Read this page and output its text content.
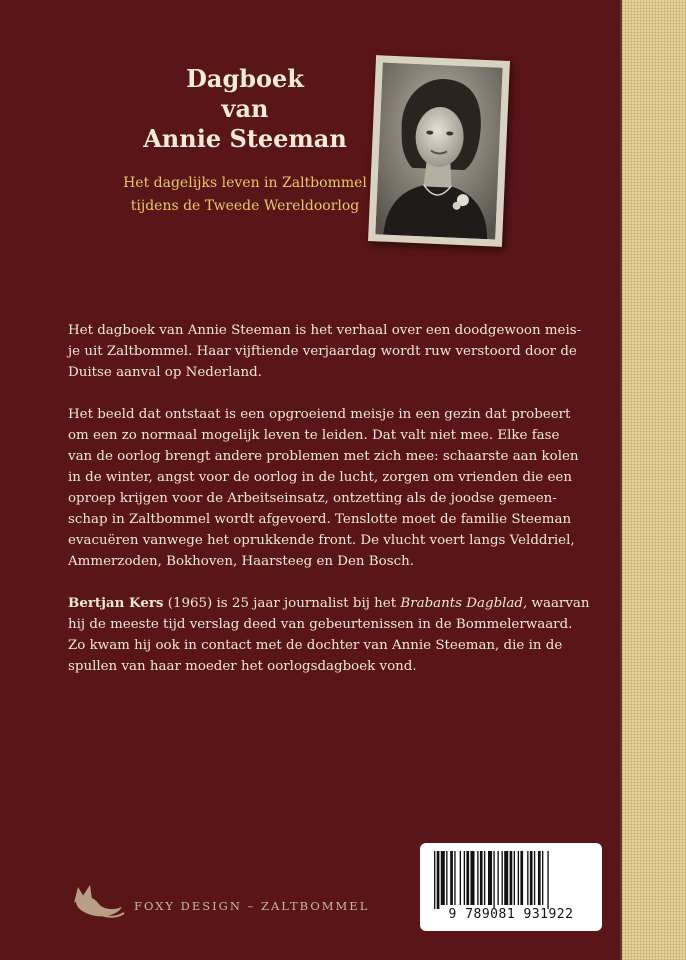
Dagboek
van
Annie Steeman

Het dagelijks leven in Zaltbommel
tijdens de Tweede Wereldoorlog

Het dagboek van Annie Steeman is het verhaal over een doodgewoon meis-
je uit Zaltbommel. Haar vijftiende verjaardag wordt ruw verstoord door de
Duitse aanval op Nederland.

Het beeld dat ontstaat is een opgroeiend meisje in een gezin dat probeert
om een zo normaal mogelijk leven te leiden. Dat valt niet mee. Elke fase
van de oorlog brengt andere problemen met zich mee: schaarste aan kolen
in de winter, angst voor de oorlog in de lucht, zorgen om vrienden die een
oproep krijgen voor de Arbeitseinsatz, ontzetting als de joodse gemeen-
schap in Zaltbommel wordt afgevoerd. Tenslotte moet de familie Steeman
evacuëren vanwege het oprukkende front. De vlucht voert langs Velddriel,
Ammerzoden, Bokhoven, Haarsteeg en Den Bosch.

Bertjan Kers (1965) is 25 jaar journalist bij het Brabants Dagblad, waarvan
hij de meeste tijd verslag deed van gebeurtenissen in de Bommelerwaard.
Zo kwam hij ook in contact met de dochter van Annie Steeman, die in de
spullen van haar moeder het oorlogsdagboek vond.

FOXY DESIGN – ZALTBOMMEL
9 789081 931922
